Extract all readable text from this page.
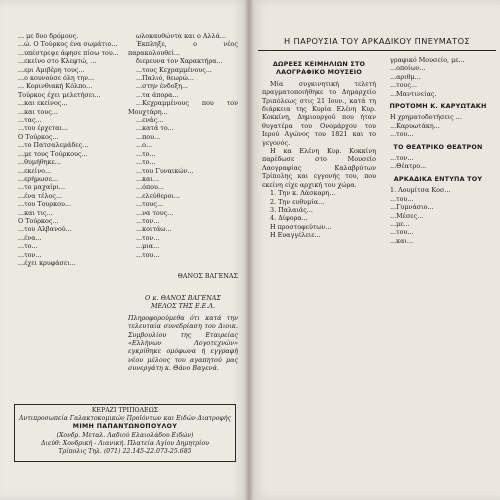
... με δυο δρόμους.

...ώ. Ο Τούρκος ένα σωμάτιο...

...υπέστρεψε άφησε πίσω του...

...εκείνο στο Κλεφτώ, ...

...ερι Αμιβέρη τους...

...ο κουνούσε όλη την...

... Κορινθιακή Κόλπο...

Τούρκος έχει μελετήσει...

...και εκείνος...

...και τους...

...τας...

...του έρχεται...

Ο Τούρκος...

...το Πατσαλεμάδες...

...με τους Τούρκους...

...θυμήθηκε...

...εκείνο...

...ερήμωσε...

...το μαχαίρι...

...ένα τέλος...

...του Τουρκου...

...και τις...

Ο Τούρκος...

...του Αλβανού...

...ένα...

...το...

...τον...

...έχει κρυφάσει...

ωλοκαυθώντα και ο Αλλά...

Έκπληξε, ο νέος παρακολουθεί...

διερευνα τον Χαρακτήρα...

...τους Κεχραμμένους...

...Παλιό, θεωρώ...

...στην ένδοξη...

...τα άπορα...

...Κεχραμμένους που τον Μουχτάρη...

...ενάς...

...κατά το...

...που...

...ο...

...το...

...το...

...του Γυναικών...

...και...

...όπου...

...ελεύθεροι...

...τους...

...να τους...

...τον...

...κοιτάω...

...τον...

...μια...

...του...

ΘΑΝΟΣ ΒΑΓΕΝΑΣ

Ο κ. ΘΑΝΟΣ ΒΑΓΕΝΑΣ

ΜΕΛΟΣ ΤΗΣ Ε.Ε.Λ.

Πληροφορούμεθα ότι κατά την τελευταία συνεδρίαση του Διοικ. Συμβουλίου της Εταιρείας «Ελλήνων Λογοτεχνών» εγκρίθηκε ομόφωνα ή εγγραφή νέου μέλους του αγαπητού μας συνεργάτη κ. Θάνο Βαγενά.

ΚΕΡΑΖΙ ΤΡΙΠΟΛΕΩΣ
Αντιπροσωπεία Γαλακτοκομικών Προϊόντων και Ειδών Διατροφής
ΜΙΜΗ ΠΑΠΑΝΤΩΝΟΠΟΥΛΟΥ
(Χονδρ. Μεταλ. Λαδιού Ελαιολάδου Ειδών)
Διεύθ: Χονδρική - Λιανική. Πλατεία Αγίου Δημητρίου
Τρίπολις Τηλ. (071) 22.145-22.073-25.685
Η ΠΑΡΟΥΣΙΑ ΤΟΥ ΑΡΚΑΔΙΚΟΥ ΠΝΕΥΜΑΤΟΣ

ΔΩΡΕΕΣ ΚΕΙΜΗΛΙΩΝ ΣΤΟ ΛΑΟΓΡΑΦΙΚΟ ΜΟΥΣΕΙΟ

Μία συγκινητική τελετή πραγματοποιήθηκε το Δημαρχείο Τριπόλεως στις 21 Ιουν., κατά τη διάρκεια της Κυρία Ελένη Κυρ. Κοκκίνη, Δημιουργού που ήταν θυγατέρα του Ονομάρχου του Ιερού Αγώνος του 1821 και το γεγονός.

Η κα Ελένη Κυρ. Κοκκίνη παρέδωσε στο Μουσείο Λαογραφίας Καλαβρύτων Τρίπολης και εγγονής του, που εκείνη είχε αρχική του χώρα.

1. Την κ. Λάσκαρη...

2. Την ευθυμία...

3. Παλαιάς...

4. Δίφορα...

Η προστοφεύτων...

Η Ευαγγέλειε...

γραφικό Μουσείο, με...

...οποίων...

...αριθμ...

...τους...

...Μαντινείας.

ΠΡΟΤΟΜΗ Κ. ΚΑΡΥΩΤΑΚΗ

Η χρηματοδοτήσεις ...

...Καρυωτάκη...

...του...

ΤΟ ΘΕΑΤΡΙΚΟ ΘΕΑΤΡΟΝ

...τον...

...Θέατρο...

ΑΡΚΑΔΙΚΑ ΕΝΤΥΠΑ ΤΟΥ

1. Λουμίτσα Κοσ...

...του...

...Γυμνάσιο...

...Μέσες...

...με...

...του...

...και...
